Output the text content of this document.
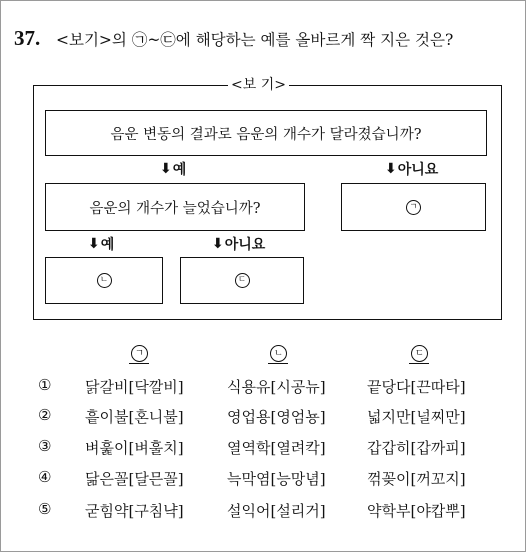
37. <보기>의 ㉠~㉢에 해당하는 예를 올바르게 짝 지은 것은?
<보 기>
음운 변동의 결과로 음운의 개수가 달라졌습니까?
⬇ 예	⬇ 아니요
음운의 개수가 늘었습니까?	ㄱ
⬇ 예	⬇ 아니요
ㄴ	ㄷ
ㄱ	ㄴ	ㄷ
① 닭갈비[닥깔비]	식용유[시공뉴]	끝당다[끈따타]
② 흩이불[혼니불]	영업용[영엄뇽]	넓지만[널찌만]
③ 벼훑이[벼훌치]	열역학[열려칵]	갑갑히[갑까피]
④ 닮은꼴[달믄꼴]	늑막염[능망념]	꺾꽂이[꺼꼬지]
⑤ 굳힘약[구침냑]	설익어[설리거]	약학부[야캅뿌]
